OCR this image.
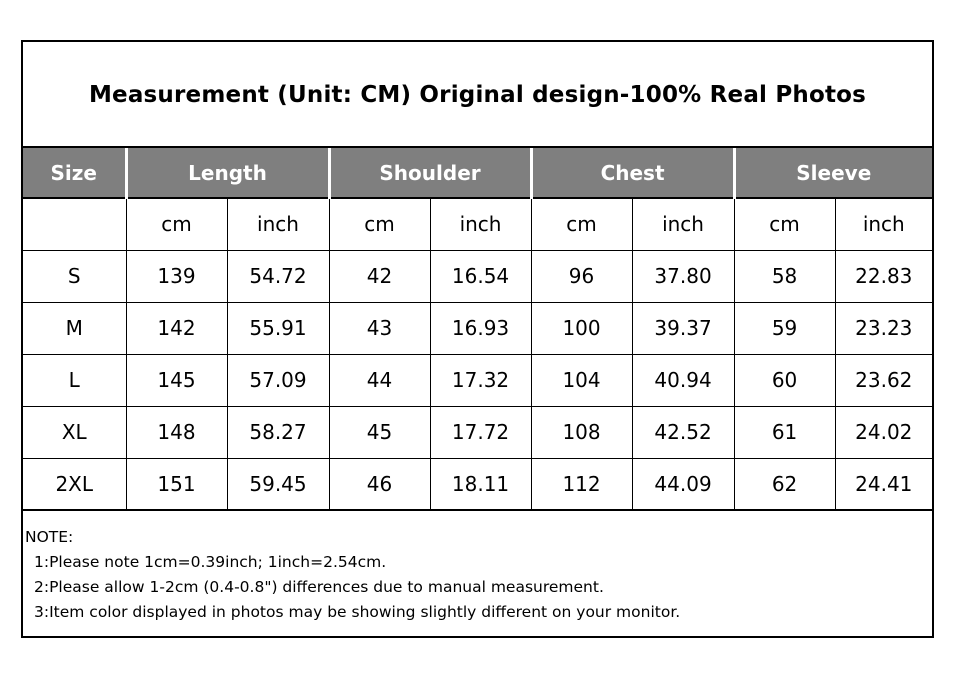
Measurement (Unit: CM) Original design-100% Real Photos
Size	Length		Shoulder		Chest		Sleeve	
	cm	inch	cm	inch	cm	inch	cm	inch
S	139	54.72	42	16.54	96	37.80	58	22.83
M	142	55.91	43	16.93	100	39.37	59	23.23
L	145	57.09	44	17.32	104	40.94	60	23.62
XL	148	58.27	45	17.72	108	42.52	61	24.02
2XL	151	59.45	46	18.11	112	44.09	62	24.41
NOTE:
1:Please note 1cm=0.39inch; 1inch=2.54cm.
2:Please allow 1-2cm (0.4-0.8") differences due to manual measurement.
3:Item color displayed in photos may be showing slightly different on your monitor.
